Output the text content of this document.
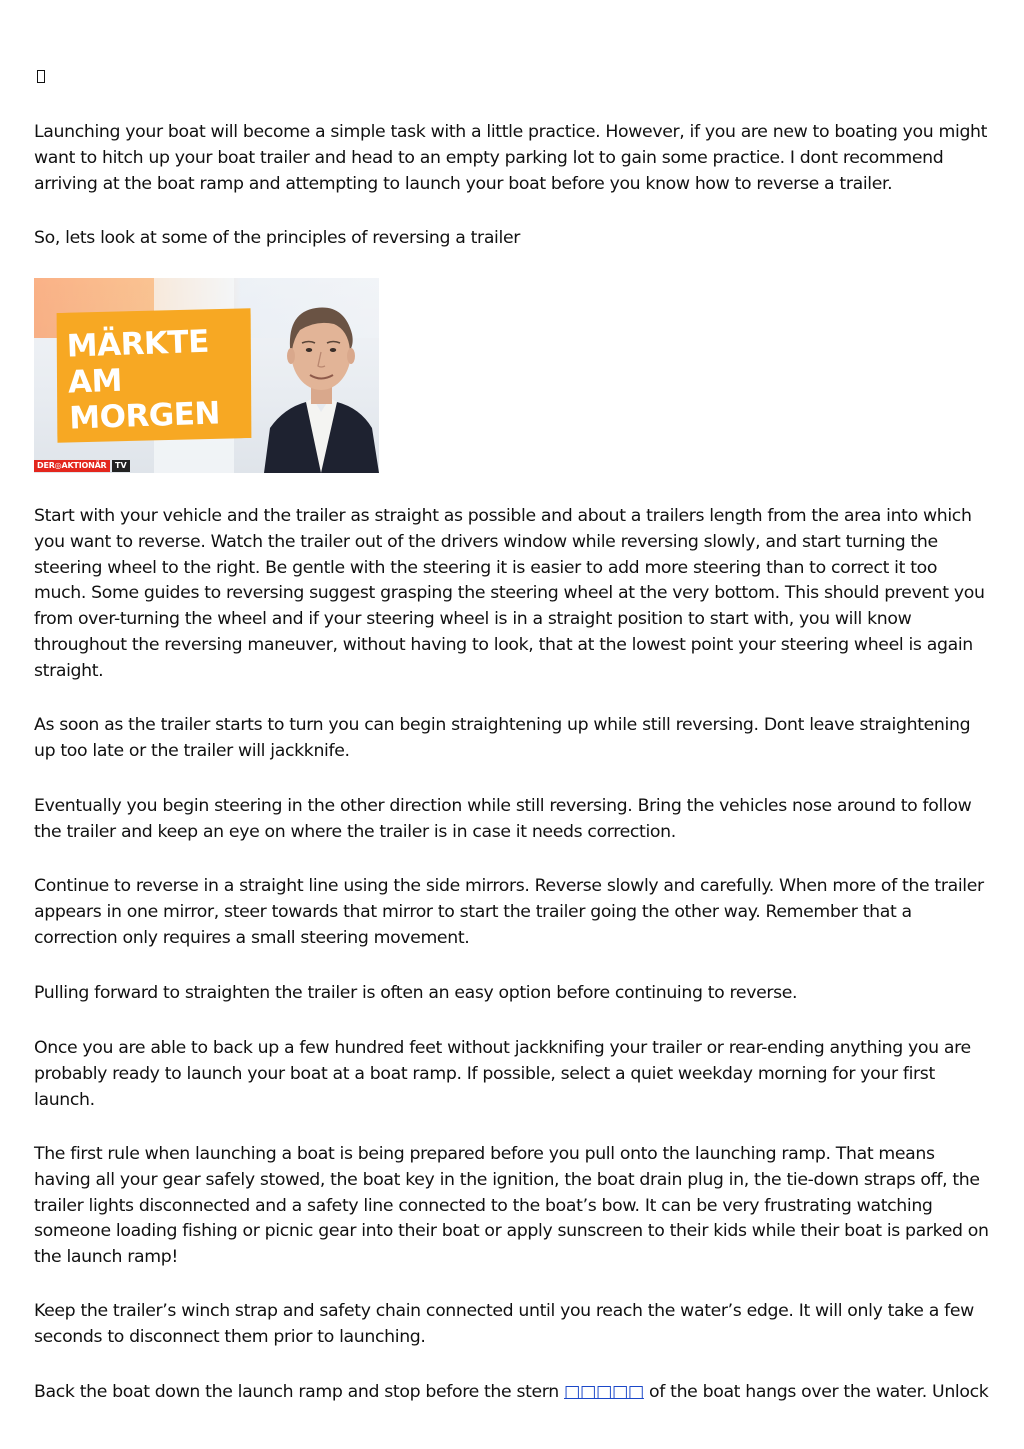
Launching your boat will become a simple task with a little practice. However, if you are new to boating you might want to hitch up your boat trailer and head to an empty parking lot to gain some practice. I dont recommend arriving at the boat ramp and attempting to launch your boat before you know how to reverse a trailer.

So, lets look at some of the principles of reversing a trailer

MÄRKTE
AM
MORGEN
DER◎AKTIONÄR	TV

Start with your vehicle and the trailer as straight as possible and about a trailers length from the area into which you want to reverse. Watch the trailer out of the drivers window while reversing slowly, and start turning the steering wheel to the right. Be gentle with the steering it is easier to add more steering than to correct it too much. Some guides to reversing suggest grasping the steering wheel at the very bottom. This should prevent you from over-turning the wheel and if your steering wheel is in a straight position to start with, you will know throughout the reversing maneuver, without having to look, that at the lowest point your steering wheel is again straight.

As soon as the trailer starts to turn you can begin straightening up while still reversing. Dont leave straightening up too late or the trailer will jackknife.

Eventually you begin steering in the other direction while still reversing. Bring the vehicles nose around to follow the trailer and keep an eye on where the trailer is in case it needs correction.

Continue to reverse in a straight line using the side mirrors. Reverse slowly and carefully. When more of the trailer appears in one mirror, steer towards that mirror to start the trailer going the other way. Remember that a correction only requires a small steering movement.

Pulling forward to straighten the trailer is often an easy option before continuing to reverse.

Once you are able to back up a few hundred feet without jackknifing your trailer or rear-ending anything you are probably ready to launch your boat at a boat ramp. If possible, select a quiet weekday morning for your first launch.

The first rule when launching a boat is being prepared before you pull onto the launching ramp. That means having all your gear safely stowed, the boat key in the ignition, the boat drain plug in, the tie-down straps off, the trailer lights disconnected and a safety line connected to the boat’s bow. It can be very frustrating watching someone loading fishing or picnic gear into their boat or apply sunscreen to their kids while their boat is parked on the launch ramp!

Keep the trailer’s winch strap and safety chain connected until you reach the water’s edge. It will only take a few seconds to disconnect them prior to launching.

Back the boat down the launch ramp and stop before the stern □□□□□ of the boat hangs over the water. Unlock
